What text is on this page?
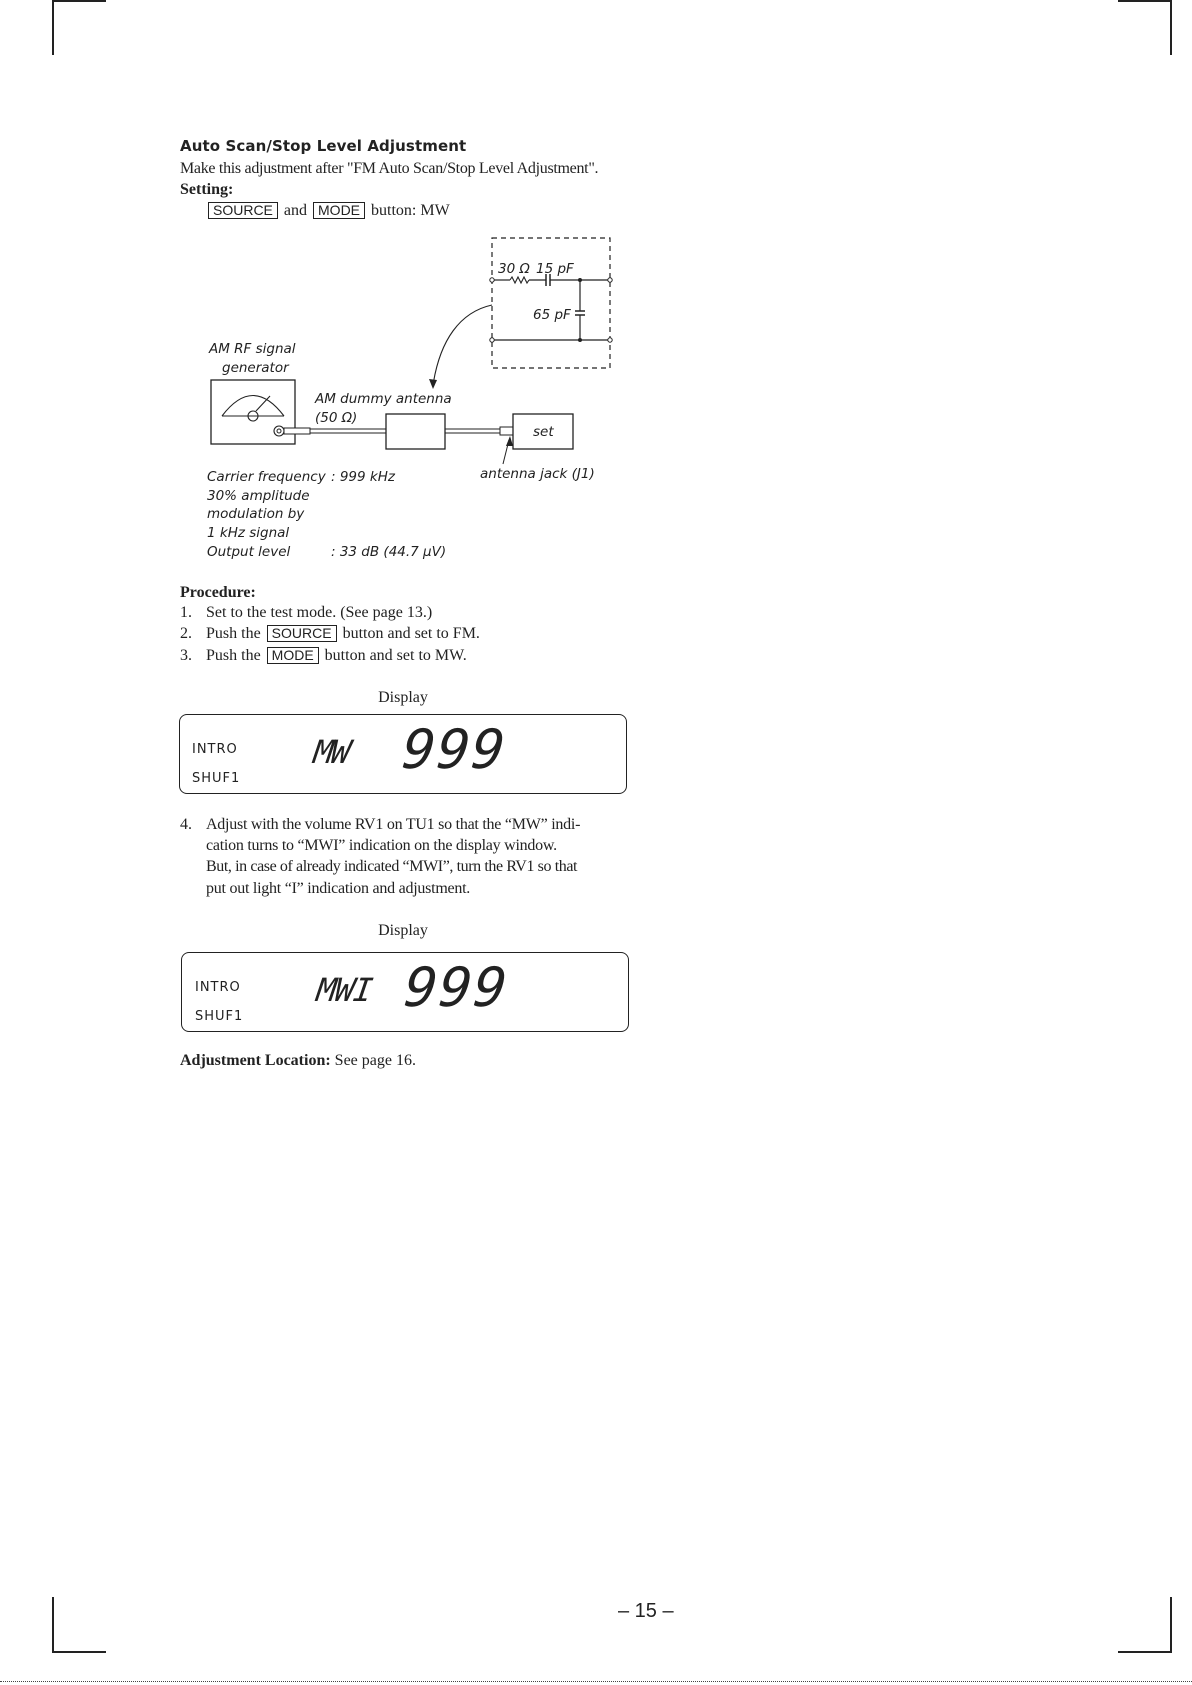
Auto Scan/Stop Level Adjustment
Make this adjustment after "FM Auto Scan/Stop Level Adjustment".
Setting:
SOURCE and MODE button: MW
30 Ω 15 pF
65 pF
AM RF signal
generator
AM dummy antenna
(50 Ω)
set
antenna jack (J1)
Carrier frequency : 999 kHz
30% amplitude
modulation by
1 kHz signal
Output level	: 33 dB (44.7 µV)
Procedure:
1. Set to the test mode. (See page 13.)
2. Push the SOURCE button and set to FM.
3. Push the MODE button and set to MW.
Display
INTRO
SHUF1
MW 999
4. Adjust with the volume RV1 on TU1 so that the “MW” indi-
cation turns to “MWI” indication on the display window.
But, in case of already indicated “MWI”, turn the RV1 so that
put out light “I” indication and adjustment.
Display
INTRO
SHUF1
MWI 999
Adjustment Location: See page 16.
– 15 –
